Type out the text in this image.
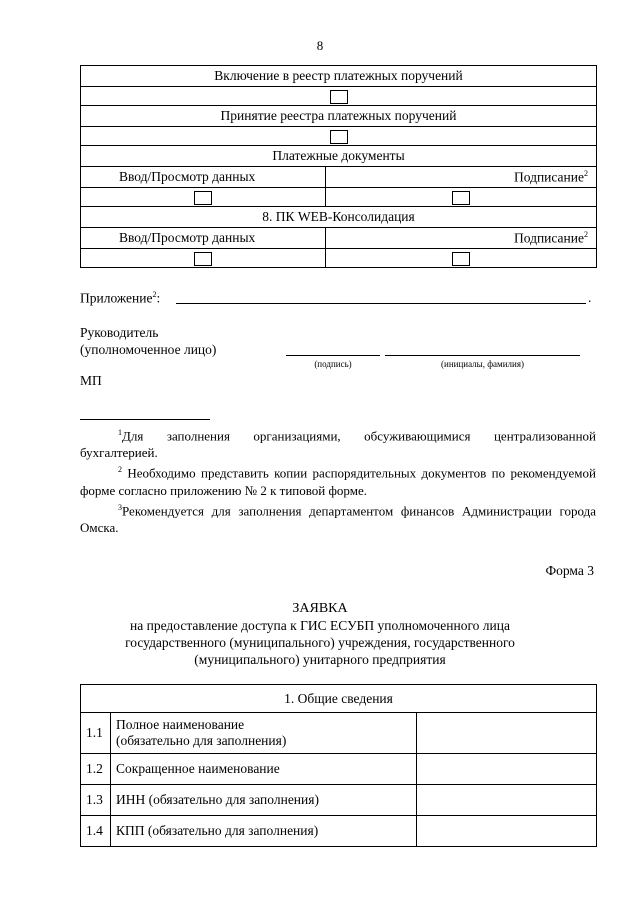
8
Включение в реестр платежных поручений	

Принятие реестра платежных поручений	

Платежные документы	
Ввод/Просмотр данных	Подписание$^2$

8. ПК WEB-Консолидация	
Ввод/Просмотр данных	Подписание$^2$

Приложение$^2$:	.
Руководитель
(уполномоченное лицо)
(подпись)	(инициалы, фамилия)
МП

$^1$Для заполнения организациями, обсуживающимися централизованной бухгалтерией.

$^2$ Необходимо представить копии распорядительных документов по рекомендуемой форме согласно приложению № 2 к типовой форме.

$^3$Рекомендуется для заполнения департаментом финансов Администрации города Омска.

Форма 3
ЗАЯВКА
на предоставление доступа к ГИС ЕСУБП уполномоченного лица
государственного (муниципального) учреждения, государственного
(муниципального) унитарного предприятия
1. Общие сведения		
1.1	Полное наименование
(обязательно для заполнения)	

1.2	Сокращенное наименование	
1.3	ИНН (обязательно для заполнения)	
1.4	КПП (обязательно для заполнения)	
